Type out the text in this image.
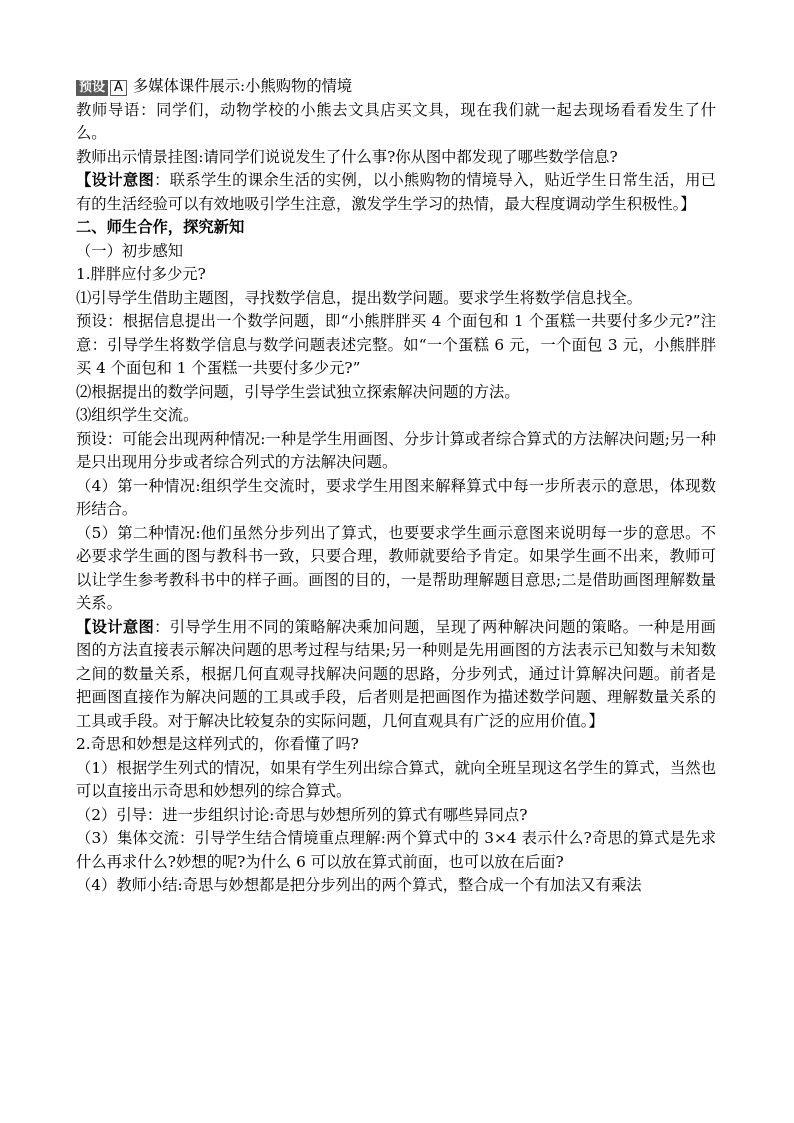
预设 A 多媒体课件展示:小熊购物的情境

教师导语：同学们，动物学校的小熊去文具店买文具，现在我们就一起去现场看看发生了什么。

教师出示情景挂图:请同学们说说发生了什么事?你从图中都发现了哪些数学信息?

【设计意图：联系学生的课余生活的实例，以小熊购物的情境导入，贴近学生日常生活，用已有的生活经验可以有效地吸引学生注意，激发学生学习的热情，最大程度调动学生积极性。】

二、师生合作，探究新知

（一）初步感知

1.胖胖应付多少元?

⑴引导学生借助主题图，寻找数学信息，提出数学问题。要求学生将数学信息找全。

预设：根据信息提出一个数学问题，即“小熊胖胖买 4 个面包和 1 个蛋糕一共要付多少元?”注意：引导学生将数学信息与数学问题表述完整。如“一个蛋糕 6 元，一个面包 3 元，小熊胖胖买 4 个面包和 1 个蛋糕一共要付多少元?”

⑵根据提出的数学问题，引导学生尝试独立探索解决问题的方法。

⑶组织学生交流。

预设：可能会出现两种情况:一种是学生用画图、分步计算或者综合算式的方法解决问题;另一种是只出现用分步或者综合列式的方法解决问题。

（4）第一种情况:组织学生交流时，要求学生用图来解释算式中每一步所表示的意思，体现数形结合。

（5）第二种情况:他们虽然分步列出了算式，也要要求学生画示意图来说明每一步的意思。不必要求学生画的图与教科书一致，只要合理，教师就要给予肯定。如果学生画不出来，教师可以让学生参考教科书中的样子画。画图的目的，一是帮助理解题目意思;二是借助画图理解数量关系。

【设计意图：引导学生用不同的策略解决乘加问题，呈现了两种解决问题的策略。一种是用画图的方法直接表示解决问题的思考过程与结果;另一种则是先用画图的方法表示已知数与未知数之间的数量关系，根据几何直观寻找解决问题的思路，分步列式，通过计算解决问题。前者是把画图直接作为解决问题的工具或手段，后者则是把画图作为描述数学问题、理解数量关系的工具或手段。对于解决比较复杂的实际问题，几何直观具有广泛的应用价值。】

2.奇思和妙想是这样列式的，你看懂了吗?

（1）根据学生列式的情况，如果有学生列出综合算式，就向全班呈现这名学生的算式，当然也可以直接出示奇思和妙想列的综合算式。

（2）引导：进一步组织讨论:奇思与妙想所列的算式有哪些异同点?

（3）集体交流：引导学生结合情境重点理解:两个算式中的 3×4 表示什么?奇思的算式是先求什么再求什么?妙想的呢?为什么 6 可以放在算式前面，也可以放在后面?

（4）教师小结:奇思与妙想都是把分步列出的两个算式，整合成一个有加法又有乘法
